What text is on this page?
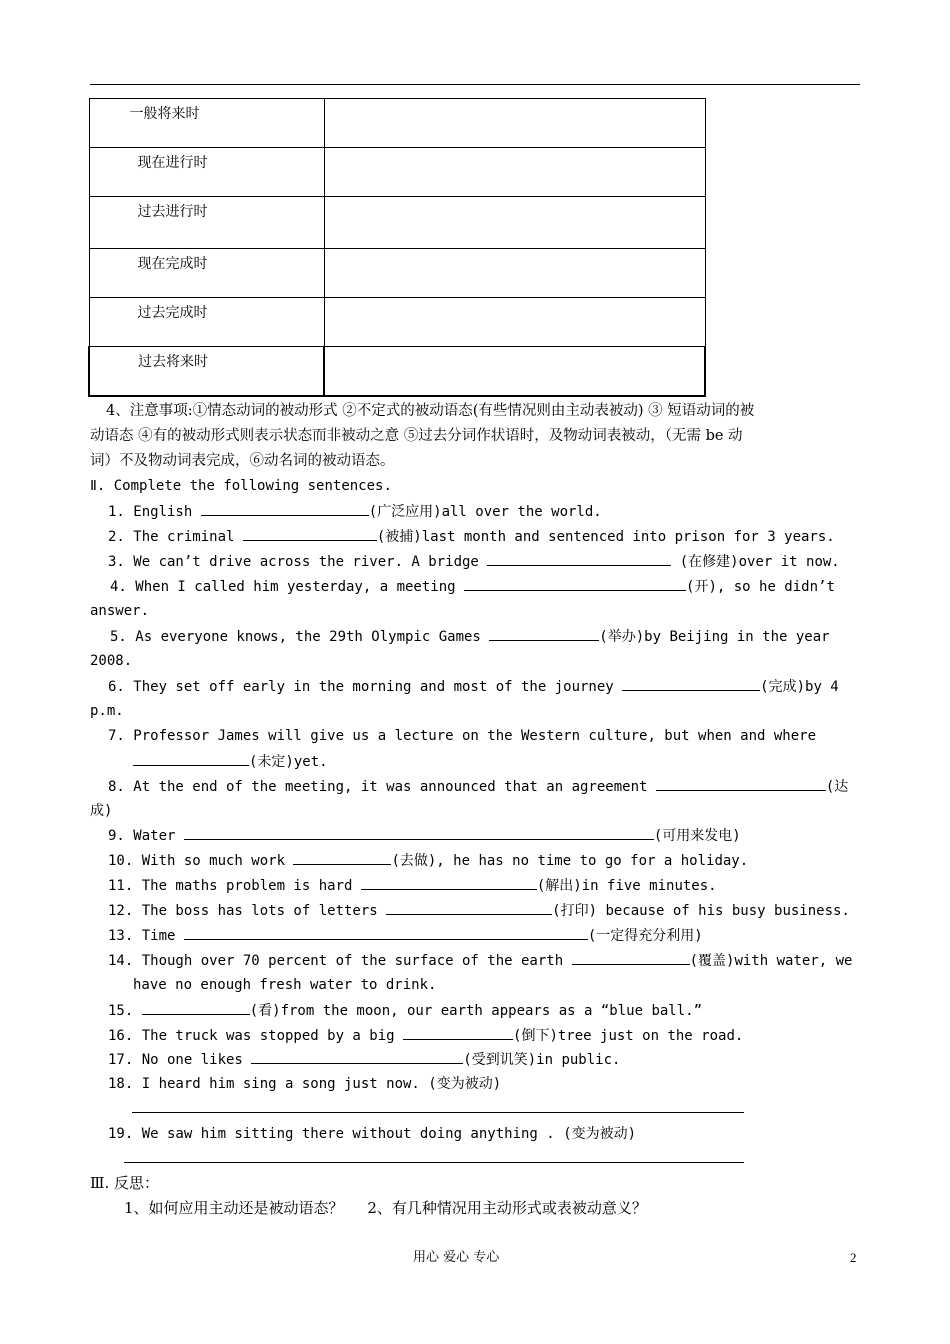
一般将来时	

现在进行时	

过去进行时	

现在完成时	

过去完成时	

过去将来时	

4、注意事项:①情态动词的被动形式 ②不定式的被动语态(有些情况则由主动表被动) ③ 短语动词的被
动语态 ④有的被动形式则表示状态而非被动之意 ⑤过去分词作状语时，及物动词表被动，（无需 be 动
词）不及物动词表完成，⑥动名词的被动语态。
Ⅱ. Complete the following sentences.
1. English	(广泛应用)all over the world.
2. The criminal	(被捕)last month and sentenced into prison for 3 years.
3. We can’t drive across the river. A bridge	(在修建)over it now.
4. When I called him yesterday, a meeting	(开), so he didn’t
answer.
5. As everyone knows, the 29th Olympic Games	(举办)by Beijing in the year
2008.
6. They set off early in the morning and most of the journey	(完成)by 4
p.m.
7. Professor James will give us a lecture on the Western culture, but when and where
(未定)yet.
8. At the end of the meeting, it was announced that an agreement	(达
成)
9. Water	(可用来发电)
10. With so much work	(去做), he has no time to go for a holiday.
11. The maths problem is hard	(解出)in five minutes.
12. The boss has lots of letters	(打印) because of his busy business.
13. Time	(一定得充分利用)
14. Though over 70 percent of the surface of the earth	(覆盖)with water, we
have no enough fresh water to drink.
15.	(看)from the moon, our earth appears as a “blue ball.”
16. The truck was stopped by a big	(倒下)tree just on the road.
17. No one likes	(受到讥笑)in public.
18. I heard him sing a song just now. (变为被动)
19. We saw him sitting there without doing anything . (变为被动)
Ⅲ. 反思：
1、如何应用主动还是被动语态？     2、有几种情况用主动形式或表被动意义？
用心 爱心 专心	2
